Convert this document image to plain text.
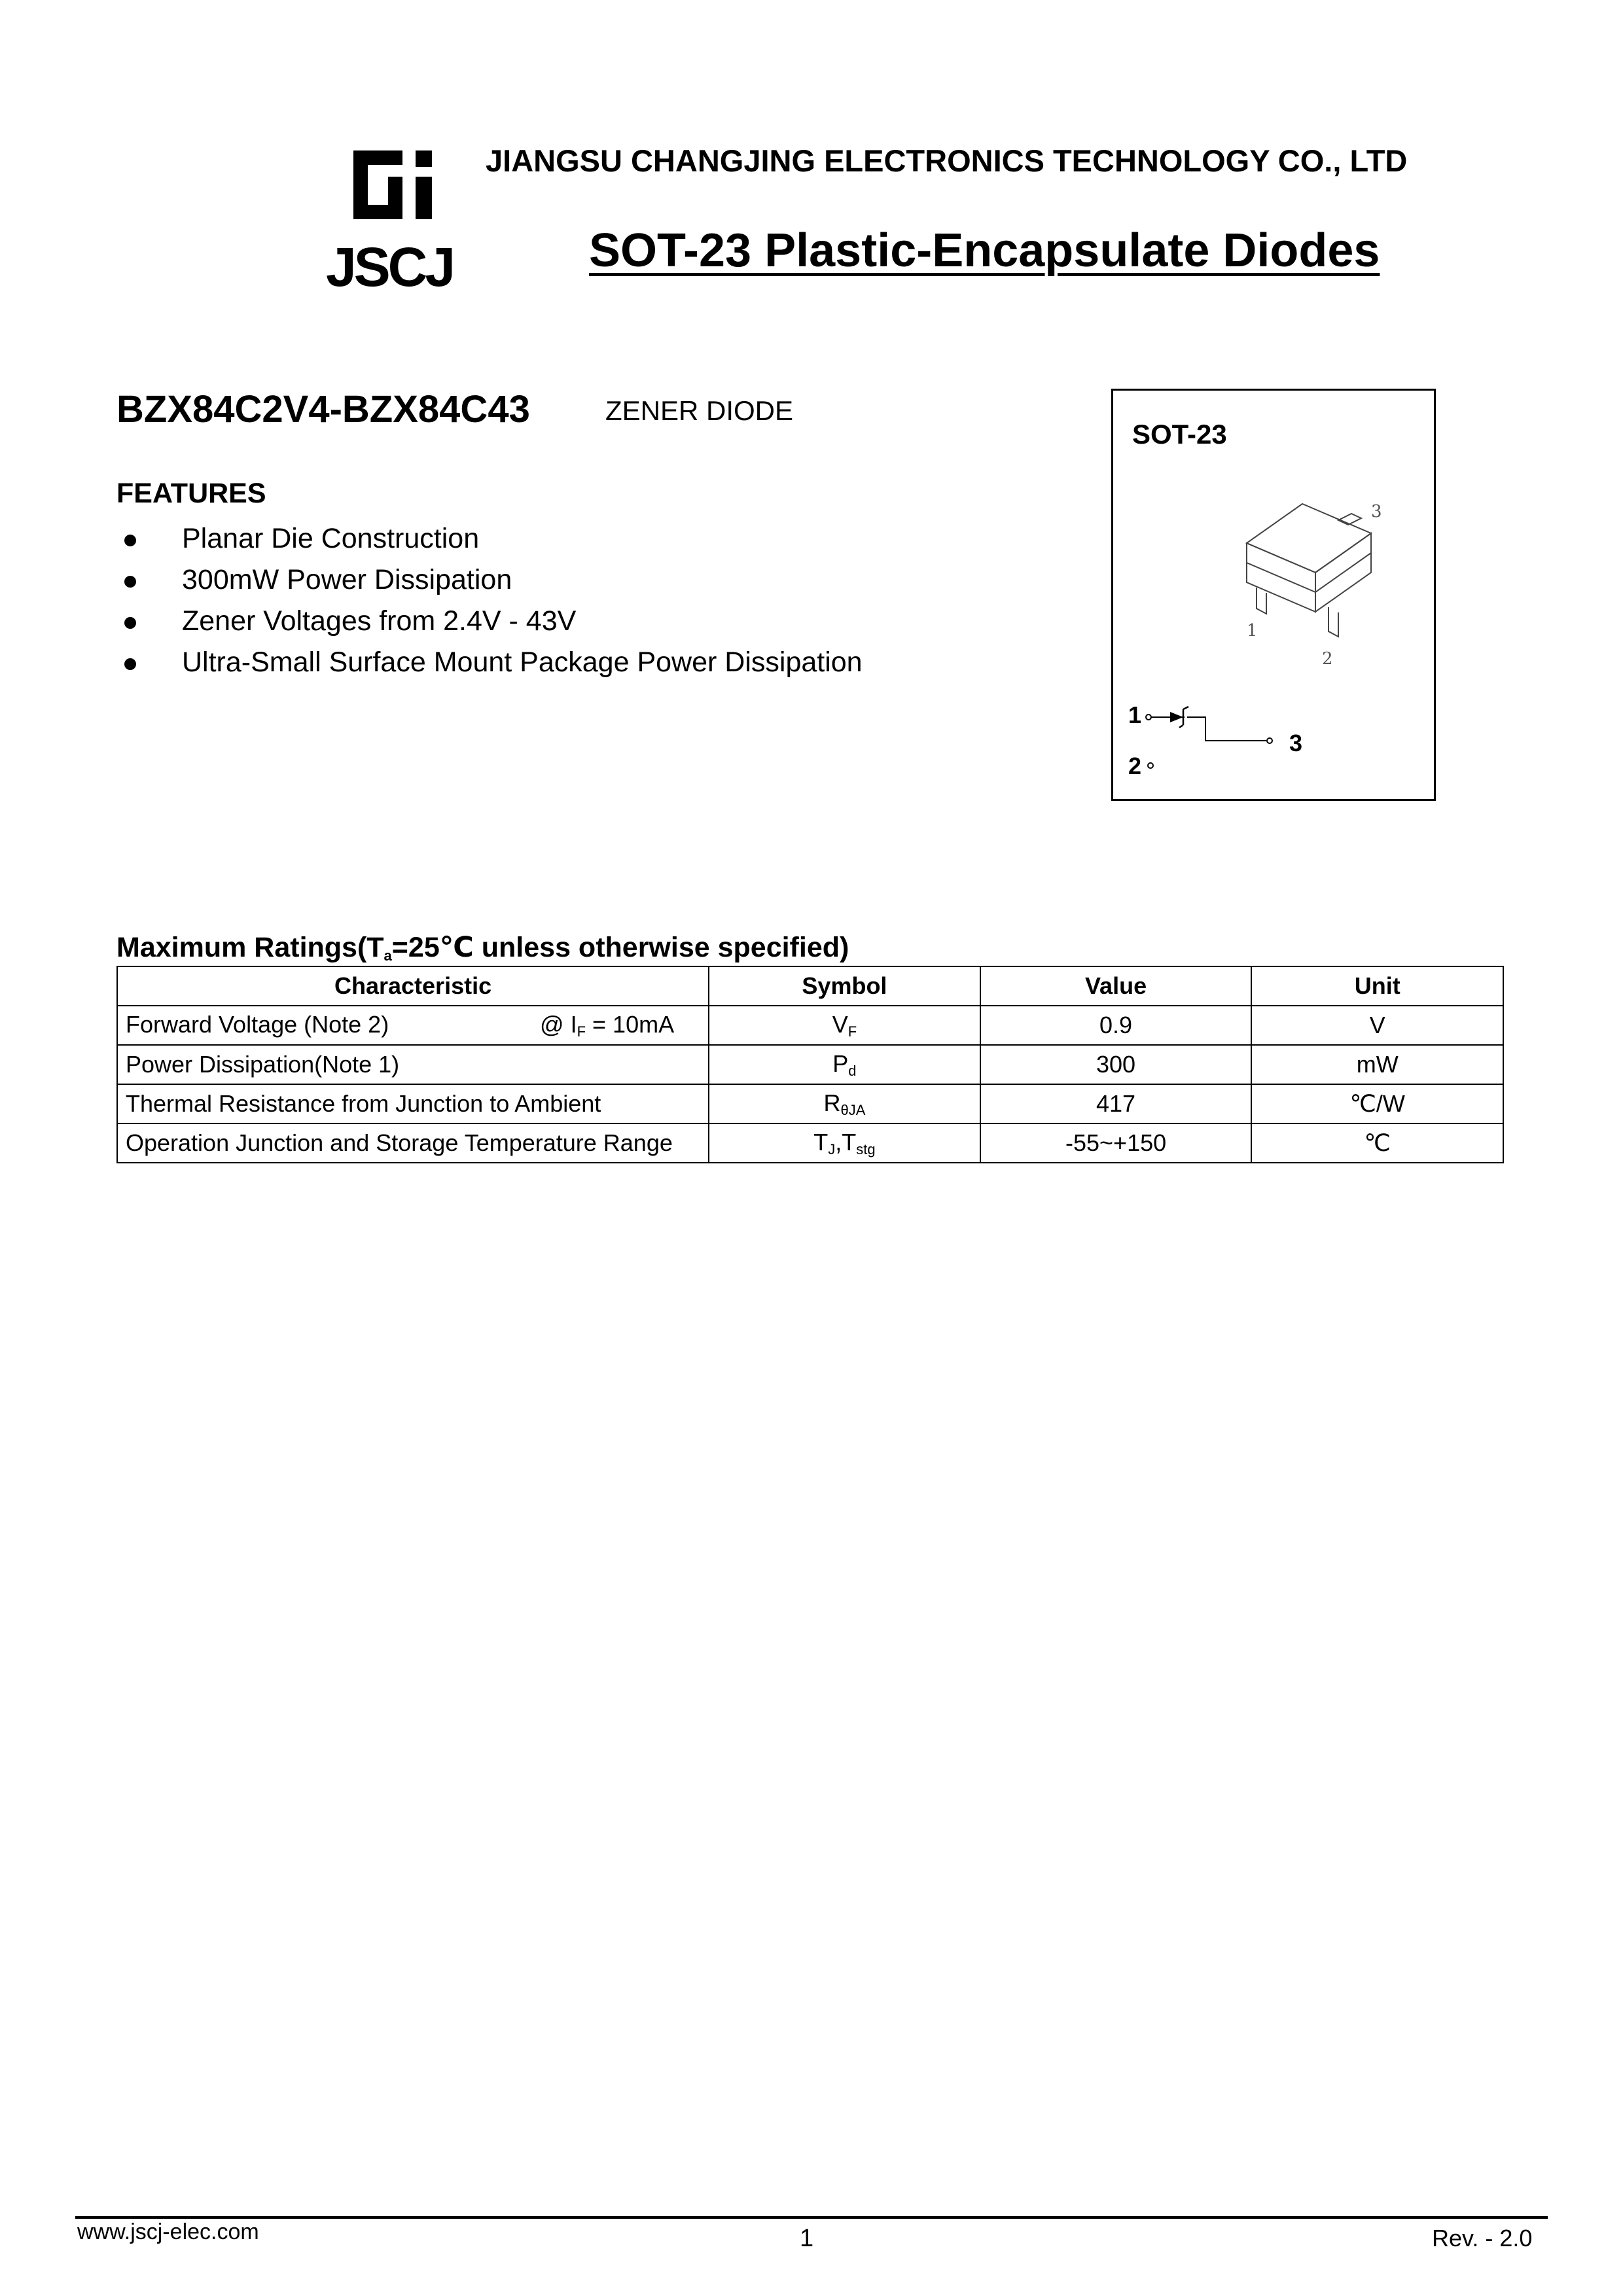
JSCJ
JIANGSU CHANGJING ELECTRONICS TECHNOLOGY CO., LTD
SOT-23 Plastic-Encapsulate Diodes
BZX84C2V4-BZX84C43	ZENER DIODE
FEATURES
Planar Die Construction
300mW Power Dissipation
Zener Voltages from 2.4V - 43V
Ultra-Small Surface Mount Package Power Dissipation
SOT-23
3
1
2
1
2
3
Maximum $Ratings(T_a=25℃$ unless otherwise specified)
Characteristic	Symbol	Value	Unit
Forward Voltage (Note 2) @ $I_F = 10mA$	$V_F$	0.9	V
Power Dissipation(Note 1)	$P_d$	300	mW
Thermal Resistance from Junction to Ambient	$R_{\theta JA}$	417	℃/W
Operation Junction and Storage Temperature Range	$T_J,T_{stg}$	-55~+150	℃
www.jscj-elec.com	1	Rev. - 2.0
